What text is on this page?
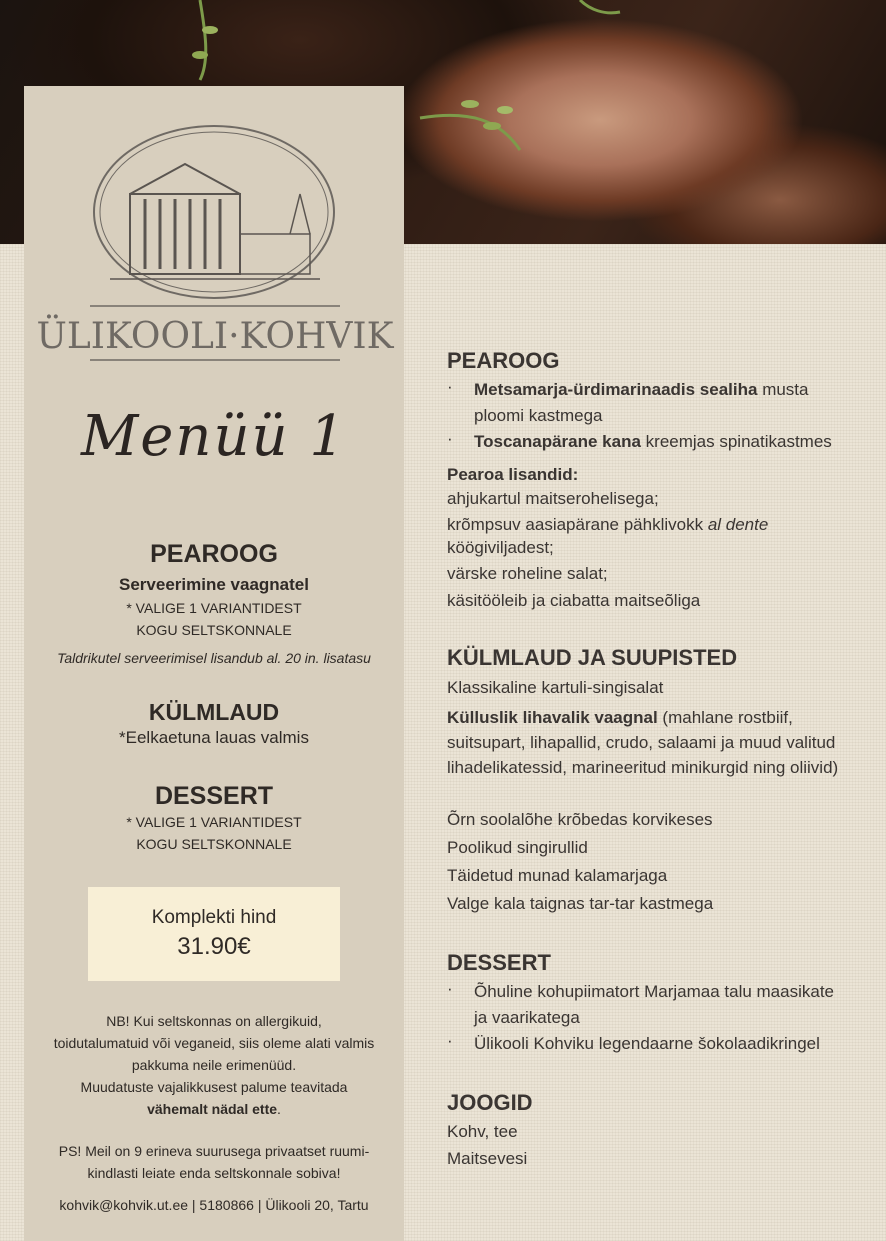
ÜLIKOOLI·KOHVIK
Menüü 1
PEAROOG
Serveerimine vaagnatel
* VALIGE 1 VARIANTIDEST
KOGU SELTSKONNALE
Taldrikutel serveerimisel lisandub al. 20 in. lisatasu
KÜLMLAUD
*Eelkaetuna lauas valmis
DESSERT
* VALIGE 1 VARIANTIDEST
KOGU SELTSKONNALE
Komplekti hind
31.90€
NB! Kui seltskonnas on allergikuid,
toidutalumatuid või veganeid, siis oleme alati valmis
pakkuma neile erimenüüd.
Muudatuste vajalikkusest palume teavitada
vähemalt nädal ette.
PS! Meil on 9 erineva suurusega privaatset ruumi-
kindlasti leiate enda seltskonnale sobiva!
kohvik@kohvik.ut.ee | 5180866 | Ülikooli 20, Tartu
PEAROOG
·	Metsamarja-ürdimarinaadis sealiha musta ploomi kastmega
·	Toscanapärane kana kreemjas spinatikastmes
Pearoa lisandid:
ahjukartul maitserohelisega;
krõmpsuv aasiapärane pähklivokk al dente
köögiviljadest;
värske roheline salat;
käsitööleib ja ciabatta maitseõliga
KÜLMLAUD JA SUUPISTED
Klassikaline kartuli-singisalat
Külluslik lihavalik vaagnal (mahlane rostbiif, suitsupart, lihapallid, crudo, salaami ja muud valitud lihadelikatessid, marineeritud minikurgid ning oliivid)
Õrn soolalõhe krõbedas korvikeses
Poolikud singirullid
Täidetud munad kalamarjaga
Valge kala taignas tar-tar kastmega
DESSERT
·	Õhuline kohupiimatort Marjamaa talu maasikate ja vaarikatega
·	Ülikooli Kohviku legendaarne šokolaadikringel
JOOGID
Kohv, tee
Maitsevesi
